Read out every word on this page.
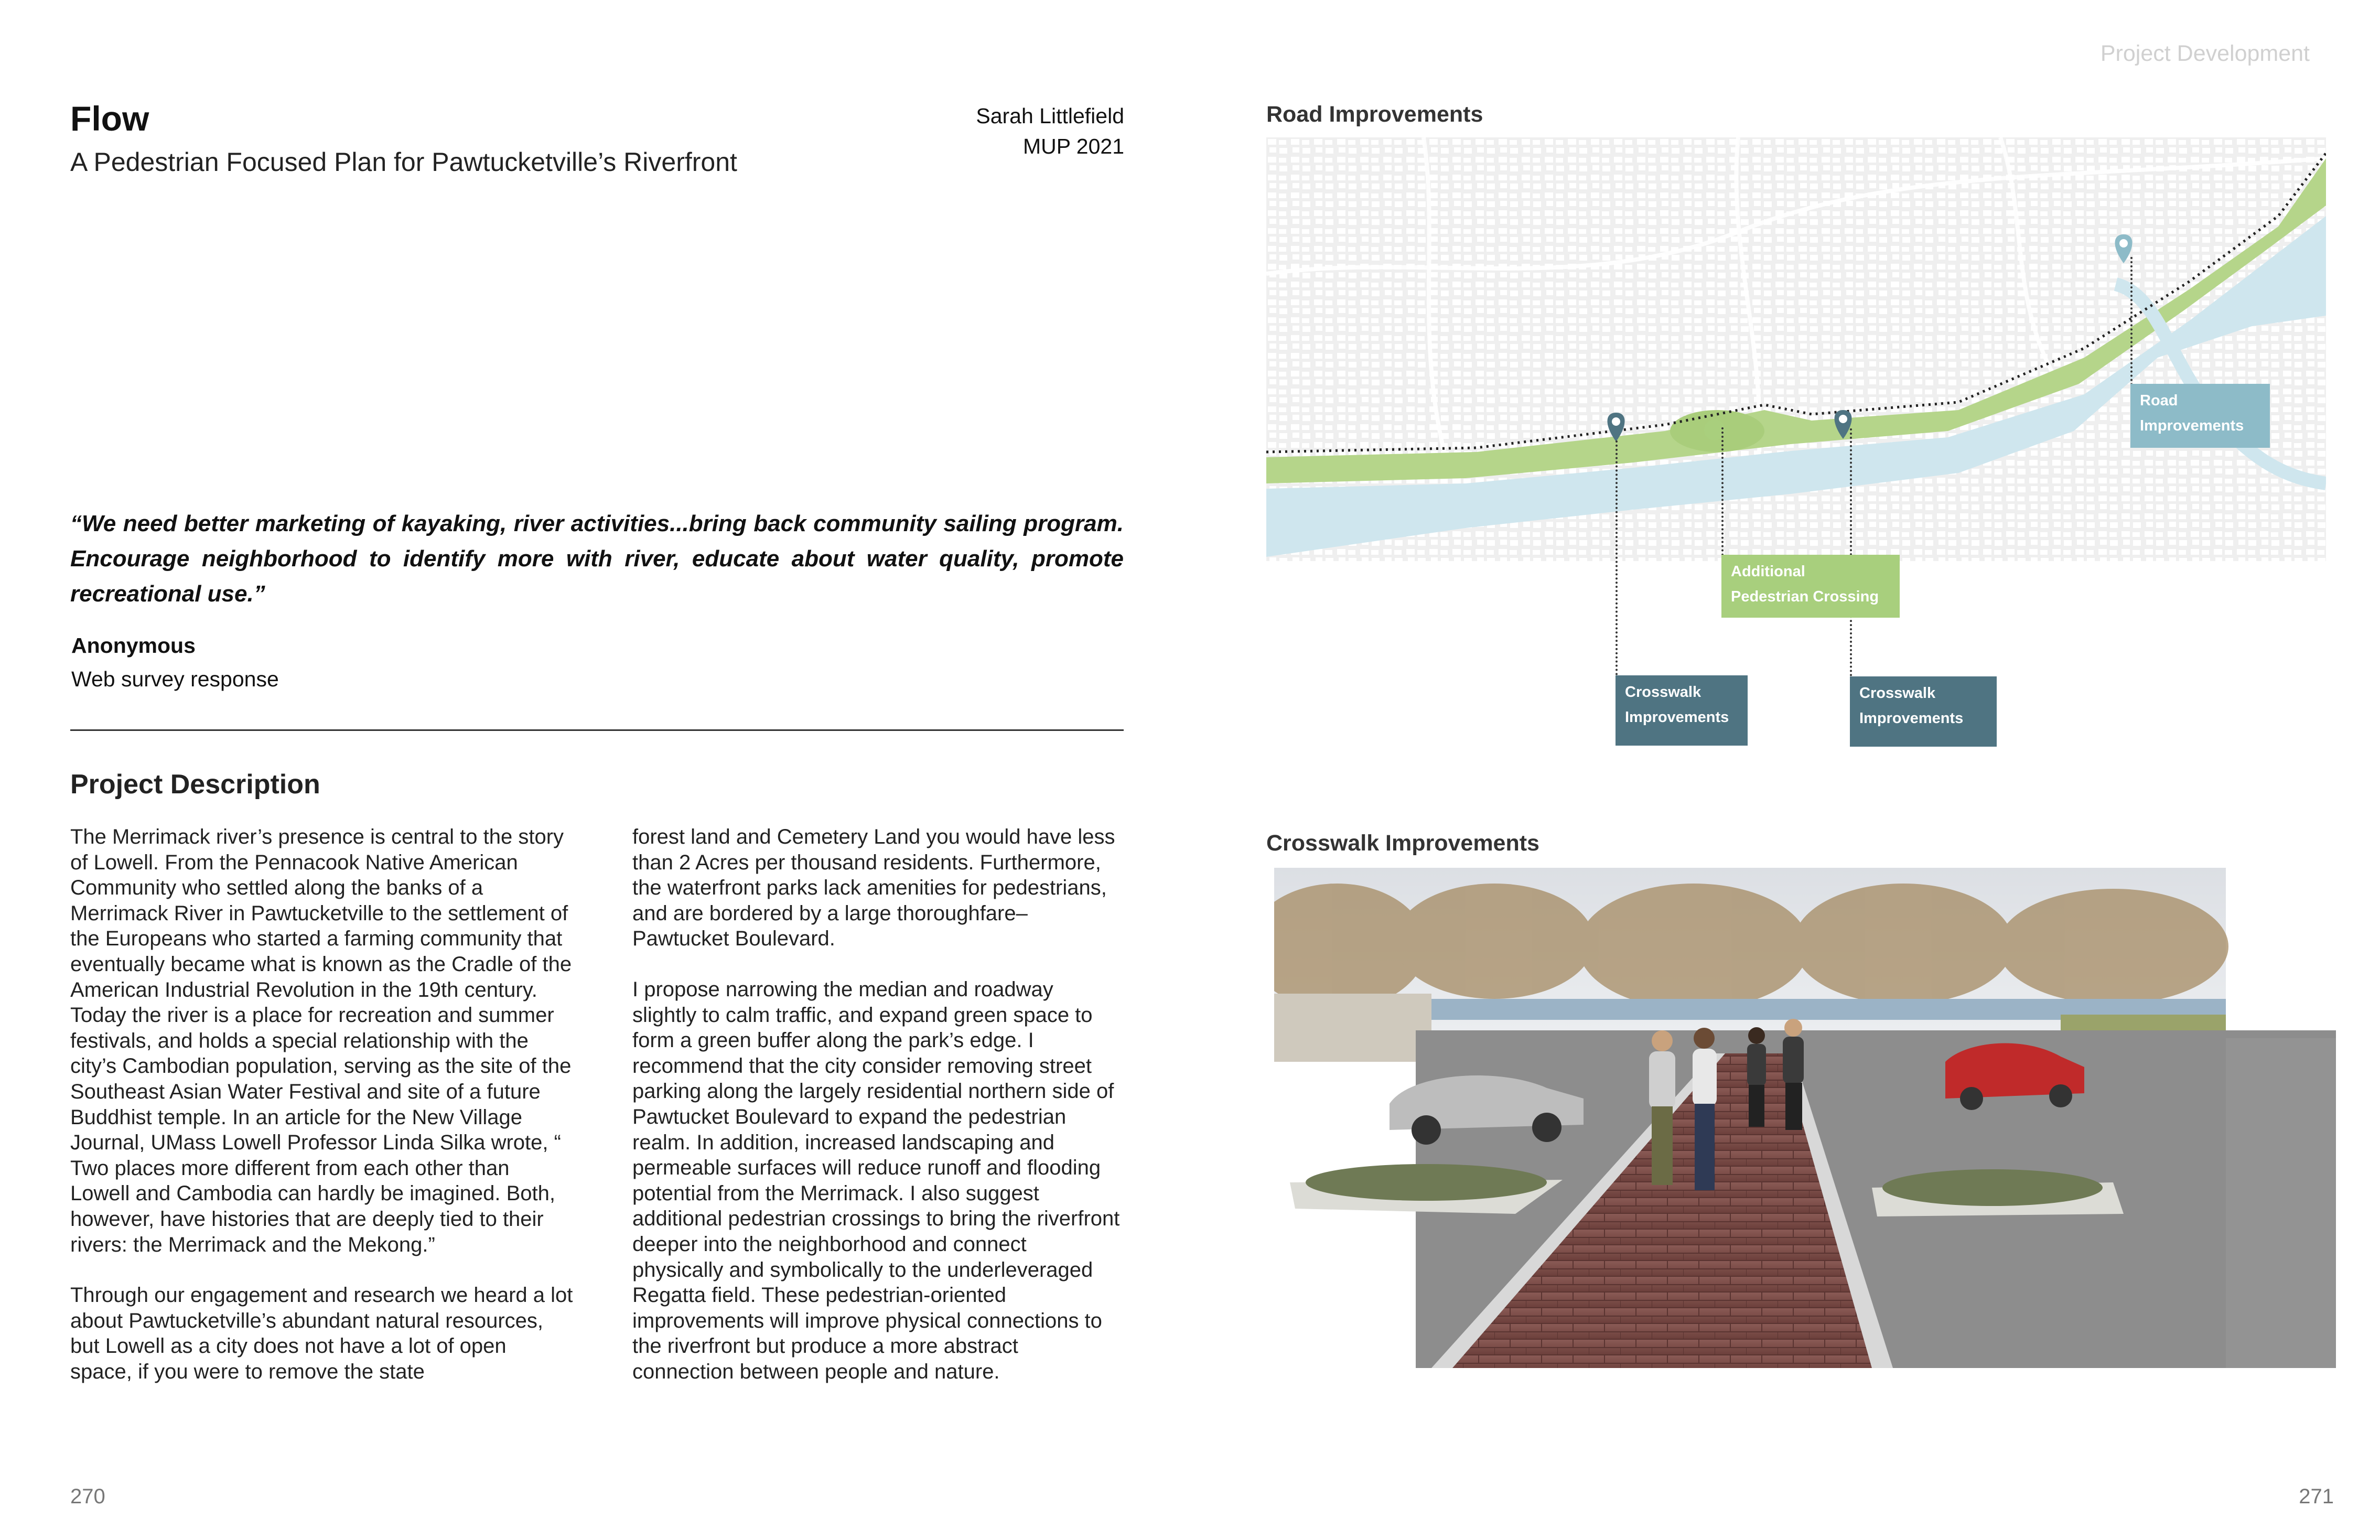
Project Development
Flow
A Pedestrian Focused Plan for Pawtucketville’s Riverfront
Sarah Littlefield
MUP 2021
“We need better marketing of kayaking, river activities...bring back community sailing program. Encourage neighborhood to identify more with river, educate about water quality, promote recreational use.”
Anonymous
Web survey response
Project Description

The Merrimack river’s presence is central to the story of Lowell. From the Pennacook Native American Community who settled along the banks of a Merrimack River in Pawtucketville to the settlement of the Europeans who started a farming community that eventually became what is known as the Cradle of the American Industrial Revolution in the 19th century. Today the river is a place for recreation and summer festivals, and holds a special relationship with the city’s Cambodian population, serving as the site of the Southeast Asian Water Festival and site of a future Buddhist temple. In an article for the New Village Journal, UMass Lowell Professor Linda Silka wrote, “ Two places more different from each other than Lowell and Cambodia can hardly be imagined. Both, however, have histories that are deeply tied to their rivers: the Merrimack and the Mekong.”

Through our engagement and research we heard a lot about Pawtucketville’s abundant natural resources, but Lowell as a city does not have a lot of open space, if you were to remove the state

forest land and Cemetery Land you would have less than 2 Acres per thousand residents. Furthermore, the waterfront parks lack amenities for pedestrians, and are bordered by a large thoroughfare–Pawtucket Boulevard.

I propose narrowing the median and roadway slightly to calm traffic, and expand green space to form a green buffer along the park’s edge. I recommend that the city consider removing street parking along the largely residential northern side of Pawtucket Boulevard to expand the pedestrian realm. In addition, increased landscaping and permeable surfaces will reduce runoff and flooding potential from the Merrimack. I also suggest additional pedestrian crossings to bring the riverfront deeper into the neighborhood and connect physically and symbolically to the underleveraged Regatta field. These pedestrian-oriented improvements will improve physical connections to the riverfront but produce a more abstract connection between people and nature.

270
Road Improvements
Road
Improvements
Additional
Pedestrian Crossing
Crosswalk
Improvements
Crosswalk
Improvements
Crosswalk Improvements
271
